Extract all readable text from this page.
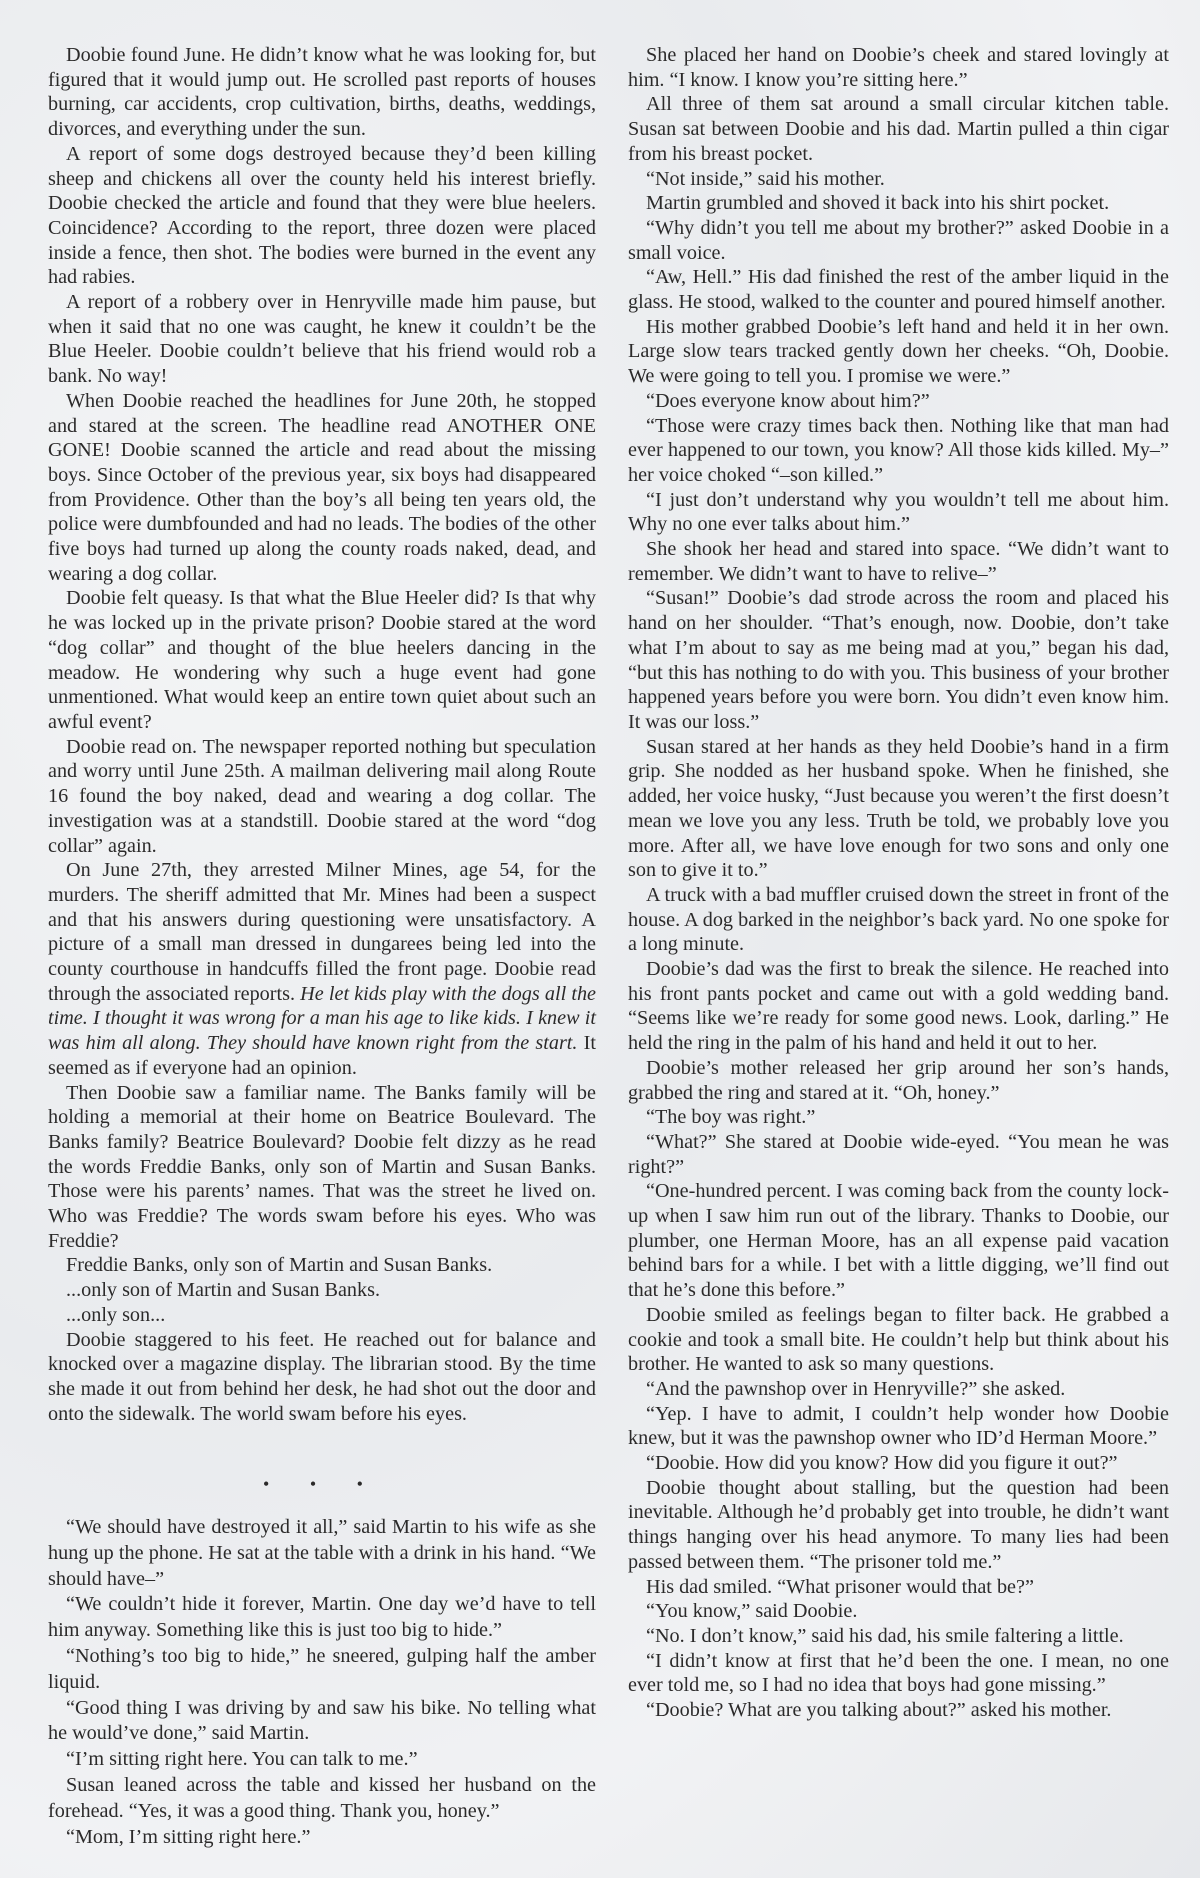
Doobie found June. He didn’t know what he was looking for, but figured that it would jump out. He scrolled past reports of houses burning, car accidents, crop cultivation, births, deaths, weddings, divorces, and everything under the sun.

A report of some dogs destroyed because they’d been killing sheep and chickens all over the county held his interest briefly. Doobie checked the article and found that they were blue heelers. Coincidence? According to the report, three dozen were placed inside a fence, then shot. The bodies were burned in the event any had rabies.

A report of a robbery over in Henryville made him pause, but when it said that no one was caught, he knew it couldn’t be the Blue Heeler. Doobie couldn’t believe that his friend would rob a bank. No way!

When Doobie reached the headlines for June 20th, he stopped and stared at the screen. The headline read ANOTHER ONE GONE! Doobie scanned the article and read about the missing boys. Since October of the previous year, six boys had disappeared from Providence. Other than the boy’s all being ten years old, the police were dumbfounded and had no leads. The bodies of the other five boys had turned up along the county roads naked, dead, and wearing a dog collar.

Doobie felt queasy. Is that what the Blue Heeler did? Is that why he was locked up in the private prison? Doobie stared at the word “dog collar” and thought of the blue heelers dancing in the meadow. He wondering why such a huge event had gone unmentioned. What would keep an entire town quiet about such an awful event?

Doobie read on. The newspaper reported nothing but speculation and worry until June 25th. A mailman delivering mail along Route 16 found the boy naked, dead and wearing a dog collar. The investigation was at a standstill. Doobie stared at the word “dog collar” again.

On June 27th, they arrested Milner Mines, age 54, for the murders. The sheriff admitted that Mr. Mines had been a suspect and that his answers during questioning were unsatisfactory. A picture of a small man dressed in dungarees being led into the county courthouse in handcuffs filled the front page. Doobie read through the associated reports. He let kids play with the dogs all the time. I thought it was wrong for a man his age to like kids. I knew it was him all along. They should have known right from the start. It seemed as if everyone had an opinion.

Then Doobie saw a familiar name. The Banks family will be holding a memorial at their home on Beatrice Boulevard. The Banks family? Beatrice Boulevard? Doobie felt dizzy as he read the words Freddie Banks, only son of Martin and Susan Banks. Those were his parents’ names. That was the street he lived on. Who was Freddie? The words swam before his eyes. Who was Freddie?

Freddie Banks, only son of Martin and Susan Banks.

...only son of Martin and Susan Banks.

...only son...

Doobie staggered to his feet. He reached out for balance and knocked over a magazine display. The librarian stood. By the time she made it out from behind her desk, he had shot out the door and onto the sidewalk. The world swam before his eyes.

• • •

“We should have destroyed it all,” said Martin to his wife as she hung up the phone. He sat at the table with a drink in his hand. “We should have–”

“We couldn’t hide it forever, Martin. One day we’d have to tell him anyway. Something like this is just too big to hide.”

“Nothing’s too big to hide,” he sneered, gulping half the amber liquid.

“Good thing I was driving by and saw his bike. No telling what he would’ve done,” said Martin.

“I’m sitting right here. You can talk to me.”

Susan leaned across the table and kissed her husband on the forehead. “Yes, it was a good thing. Thank you, honey.”

“Mom, I’m sitting right here.”

She placed her hand on Doobie’s cheek and stared lovingly at him. “I know. I know you’re sitting here.”

All three of them sat around a small circular kitchen table. Susan sat between Doobie and his dad. Martin pulled a thin cigar from his breast pocket.

“Not inside,” said his mother.

Martin grumbled and shoved it back into his shirt pocket.

“Why didn’t you tell me about my brother?” asked Doobie in a small voice.

“Aw, Hell.” His dad finished the rest of the amber liquid in the glass. He stood, walked to the counter and poured himself another.

His mother grabbed Doobie’s left hand and held it in her own. Large slow tears tracked gently down her cheeks. “Oh, Doobie. We were going to tell you. I promise we were.”

“Does everyone know about him?”

“Those were crazy times back then. Nothing like that man had ever happened to our town, you know? All those kids killed. My–” her voice choked “–son killed.”

“I just don’t understand why you wouldn’t tell me about him. Why no one ever talks about him.”

She shook her head and stared into space. “We didn’t want to remember. We didn’t want to have to relive–”

“Susan!” Doobie’s dad strode across the room and placed his hand on her shoulder. “That’s enough, now. Doobie, don’t take what I’m about to say as me being mad at you,” began his dad, “but this has nothing to do with you. This business of your brother happened years before you were born. You didn’t even know him. It was our loss.”

Susan stared at her hands as they held Doobie’s hand in a firm grip. She nodded as her husband spoke. When he finished, she added, her voice husky, “Just because you weren’t the first doesn’t mean we love you any less. Truth be told, we probably love you more. After all, we have love enough for two sons and only one son to give it to.”

A truck with a bad muffler cruised down the street in front of the house. A dog barked in the neighbor’s back yard. No one spoke for a long minute.

Doobie’s dad was the first to break the silence. He reached into his front pants pocket and came out with a gold wedding band. “Seems like we’re ready for some good news. Look, darling.” He held the ring in the palm of his hand and held it out to her.

Doobie’s mother released her grip around her son’s hands, grabbed the ring and stared at it. “Oh, honey.”

“The boy was right.”

“What?” She stared at Doobie wide-eyed. “You mean he was right?”

“One-hundred percent. I was coming back from the county lock-up when I saw him run out of the library. Thanks to Doobie, our plumber, one Herman Moore, has an all expense paid vacation behind bars for a while. I bet with a little digging, we’ll find out that he’s done this before.”

Doobie smiled as feelings began to filter back. He grabbed a cookie and took a small bite. He couldn’t help but think about his brother. He wanted to ask so many questions.

“And the pawnshop over in Henryville?” she asked.

“Yep. I have to admit, I couldn’t help wonder how Doobie knew, but it was the pawnshop owner who ID’d Herman Moore.”

“Doobie. How did you know? How did you figure it out?”

Doobie thought about stalling, but the question had been inevitable. Although he’d probably get into trouble, he didn’t want things hanging over his head anymore. To many lies had been passed between them. “The prisoner told me.”

His dad smiled. “What prisoner would that be?”

“You know,” said Doobie.

“No. I don’t know,” said his dad, his smile faltering a little.

“I didn’t know at first that he’d been the one. I mean, no one ever told me, so I had no idea that boys had gone missing.”

“Doobie? What are you talking about?” asked his mother.
